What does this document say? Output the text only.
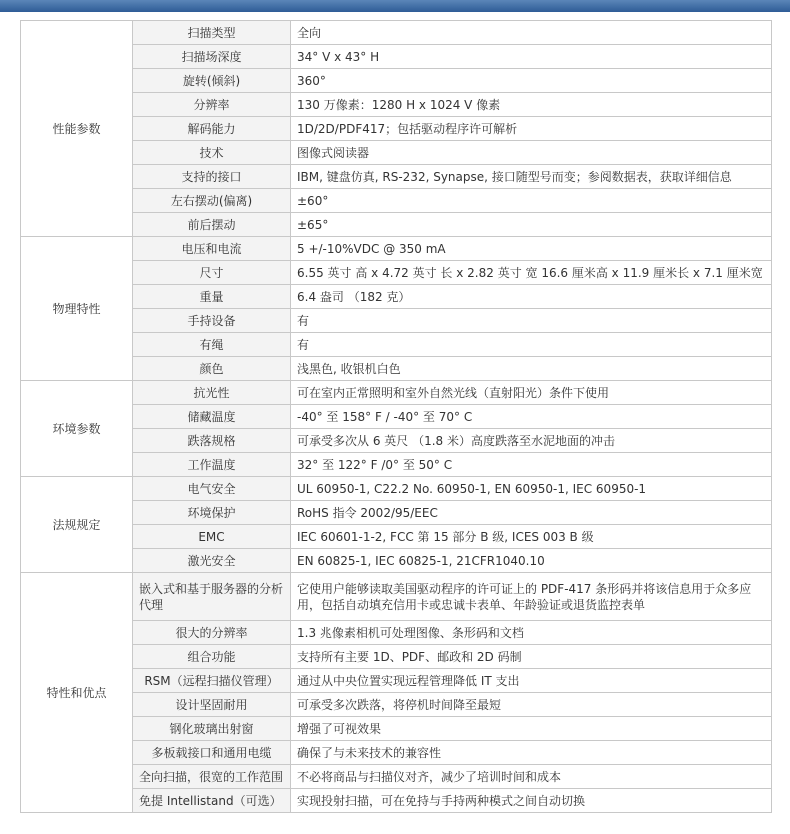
性能参数	扫描类型	全向
	扫描场深度	34° V x 43° H
	旋转(倾斜)	360°
	分辨率	130 万像素：1280 H x 1024 V 像素
	解码能力	1D/2D/PDF417；包括驱动程序许可解析
	技术	图像式阅读器
	支持的接口	IBM, 键盘仿真, RS-232, Synapse, 接口随型号而变；参阅数据表，获取详细信息
	左右摆动(偏离)	±60°
	前后摆动	±65°
物理特性	电压和电流	5 +/-10%VDC @ 350 mA
	尺寸	6.55 英寸 高 x 4.72 英寸 长 x 2.82 英寸 宽 16.6 厘米高 x 11.9 厘米长 x 7.1 厘米宽
	重量	6.4 盎司 （182 克）
	手持设备	有
	有绳	有
	颜色	浅黑色, 收银机白色
环境参数	抗光性	可在室内正常照明和室外自然光线（直射阳光）条件下使用
	储藏温度	-40° 至 158° F / -40° 至 70° C
	跌落规格	可承受多次从 6 英尺 （1.8 米）高度跌落至水泥地面的冲击
	工作温度	32° 至 122° F /0° 至 50° C
法规规定	电气安全	UL 60950-1, C22.2 No. 60950-1, EN 60950-1, IEC 60950-1
	环境保护	RoHS 指令 2002/95/EEC
	EMC	IEC 60601-1-2, FCC 第 15 部分 B 级, ICES 003 B 级
	激光安全	EN 60825-1, IEC 60825-1, 21CFR1040.10
特性和优点	嵌入式和基于服务器的分析代理	它使用户能够读取美国驱动程序的许可证上的 PDF-417 条形码并将该信息用于众多应用，包括自动填充信用卡或忠诚卡表单、年龄验证或退货监控表单
	很大的分辨率	1.3 兆像素相机可处理图像、条形码和文档
	组合功能	支持所有主要 1D、PDF、邮政和 2D 码制
	RSM（远程扫描仪管理）	通过从中央位置实现远程管理降低 IT 支出
	设计坚固耐用	可承受多次跌落，将停机时间降至最短
	钢化玻璃出射窗	增强了可视效果
	多板载接口和通用电缆	确保了与未来技术的兼容性
	全向扫描，很宽的工作范围	不必将商品与扫描仪对齐，减少了培训时间和成本
	免提 Intellistand（可选）	实现投射扫描，可在免持与手持两种模式之间自动切换
